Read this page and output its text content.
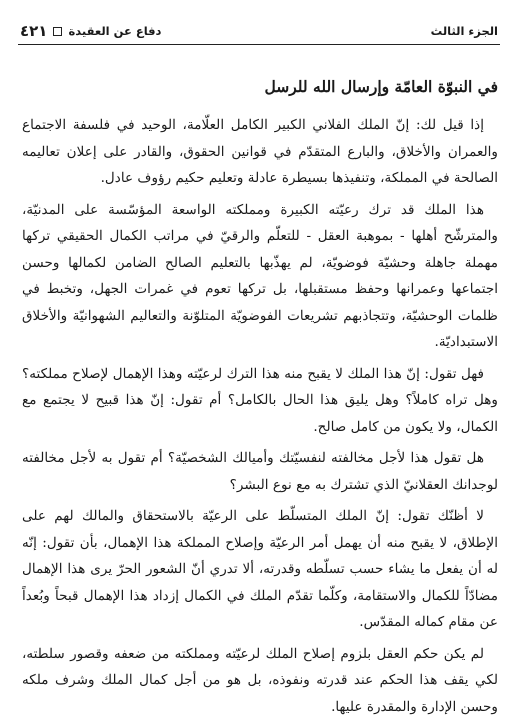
الجزء الثالث
دفاع عن العقيدة
٤٢١
في النبوّة العامّة وإرسال الله للرسل

إذا قيل لك: إنّ الملك الفلاني الكبير الكامل العلّامة، الوحيد في فلسفة الاجتماع والعمران والأخلاق، والبارع المتقدّم في قوانين الحقوق، والقادر على إعلان تعاليمه الصالحة في المملكة، وتنفيذها بسيطرة عادلة وتعليم حكيم رؤوف عادل.

هذا الملك قد ترك رعيّته الكبيرة ومملكته الواسعة المؤسّسة على المدنيّة، والمترشّح أهلها - بموهبة العقل - للتعلّم والرقيّ في مراتب الكمال الحقيقي تركها مهملة جاهلة وحشيّة فوضويّة، لم يهذّبها بالتعليم الصالح الضامن لكمالها وحسن اجتماعها وعمرانها وحفظ مستقبلها، بل تركها تعوم في غمرات الجهل، وتخبط في ظلمات الوحشيّة، وتتجاذبهم تشريعات الفوضويّة المتلوّنة والتعاليم الشهوانيّة والأخلاق الاستبداديّة.

فهل تقول: إنّ هذا الملك لا يقبح منه هذا الترك لرعيّته وهذا الإهمال لإصلاح مملكته؟ وهل تراه كاملاً؟ وهل يليق هذا الحال بالكامل؟ أم تقول: إنّ هذا قبيح لا يجتمع مع الكمال، ولا يكون من كامل صالح.

هل تقول هذا لأجل مخالفته لنفسيّتك وأميالك الشخصيّة؟ أم تقول به لأجل مخالفته لوجدانك العقلانيّ الذي تشترك به مع نوع البشر؟

لا أظنّك تقول: إنّ الملك المتسلّط على الرعيّة بالاستحقاق والمالك لهم على الإطلاق، لا يقبح منه أن يهمل أمر الرعيّة وإصلاح المملكة هذا الإهمال، بأن تقول: إنّه له أن يفعل ما يشاء حسب تسلّطه وقدرته، ألا تدري أنّ الشعور الحرّ يرى هذا الإهمال مضادّاً للكمال والاستقامة، وكلّما تقدّم الملك في الكمال إزداد هذا الإهمال قبحاً وبُعداً عن مقام كماله المقدّس.

لم يكن حكم العقل بلزوم إصلاح الملك لرعيّته ومملكته من ضعفه وقصور سلطته، لكي يقف هذا الحكم عند قدرته ونفوذه، بل هو من أجل كمال الملك وشرف ملكه وحسن الإدارة والمقدرة عليها.
